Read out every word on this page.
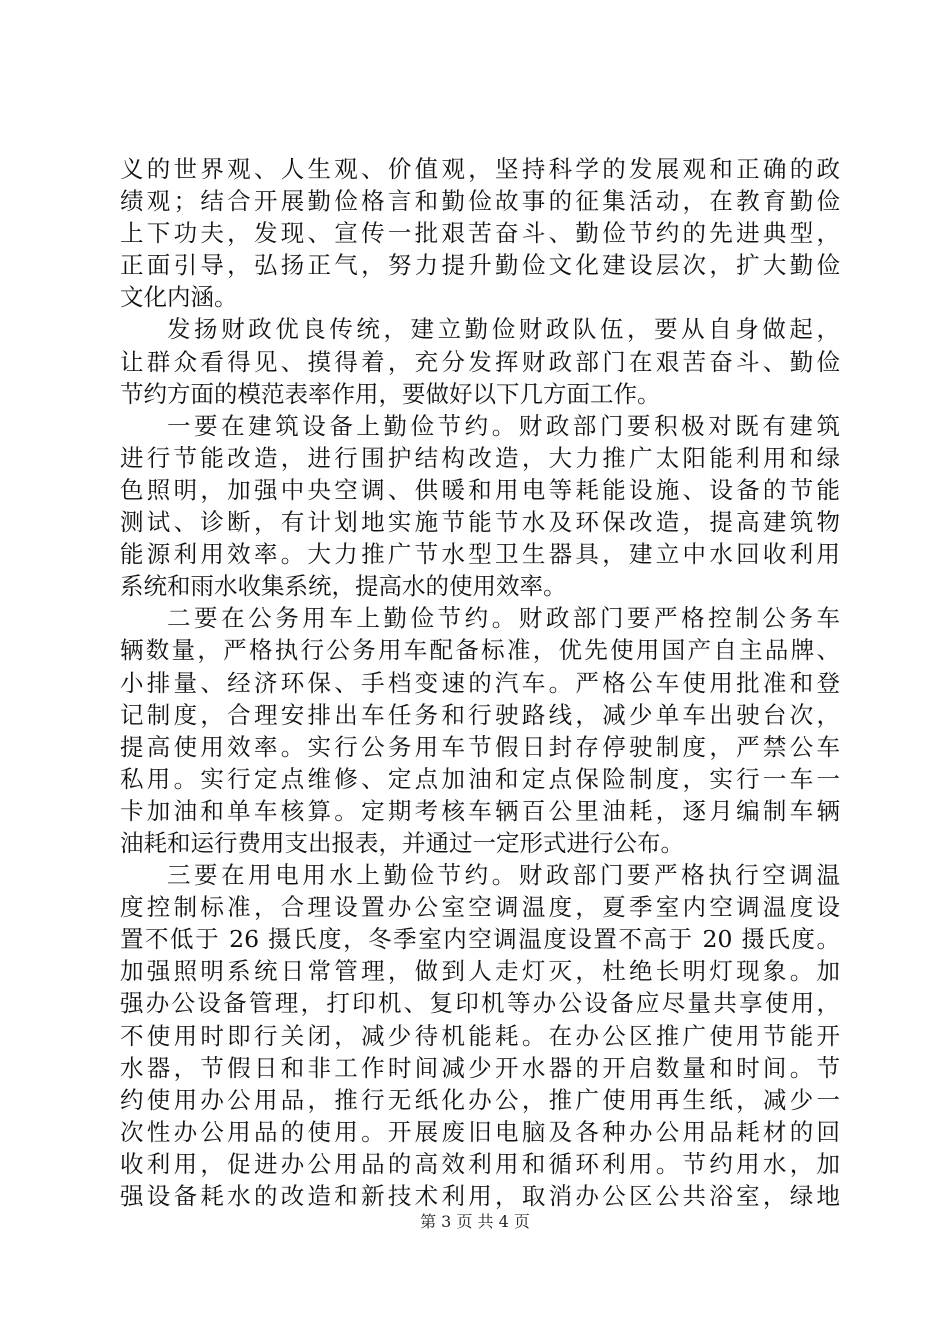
义的世界观、人生观、价值观，坚持科学的发展观和正确的政
绩观；结合开展勤俭格言和勤俭故事的征集活动，在教育勤俭
上下功夫，发现、宣传一批艰苦奋斗、勤俭节约的先进典型，
正面引导，弘扬正气，努力提升勤俭文化建设层次，扩大勤俭
文化内涵。
发扬财政优良传统，建立勤俭财政队伍，要从自身做起，
让群众看得见、摸得着，充分发挥财政部门在艰苦奋斗、勤俭
节约方面的模范表率作用，要做好以下几方面工作。
一要在建筑设备上勤俭节约。财政部门要积极对既有建筑
进行节能改造，进行围护结构改造，大力推广太阳能利用和绿
色照明，加强中央空调、供暖和用电等耗能设施、设备的节能
测试、诊断，有计划地实施节能节水及环保改造，提高建筑物
能源利用效率。大力推广节水型卫生器具，建立中水回收利用
系统和雨水收集系统，提高水的使用效率。
二要在公务用车上勤俭节约。财政部门要严格控制公务车
辆数量，严格执行公务用车配备标准，优先使用国产自主品牌、
小排量、经济环保、手档变速的汽车。严格公车使用批准和登
记制度，合理安排出车任务和行驶路线，减少单车出驶台次，
提高使用效率。实行公务用车节假日封存停驶制度，严禁公车
私用。实行定点维修、定点加油和定点保险制度，实行一车一
卡加油和单车核算。定期考核车辆百公里油耗，逐月编制车辆
油耗和运行费用支出报表，并通过一定形式进行公布。
三要在用电用水上勤俭节约。财政部门要严格执行空调温
度控制标准，合理设置办公室空调温度，夏季室内空调温度设
置不低于 26 摄氏度，冬季室内空调温度设置不高于 20 摄氏度。
加强照明系统日常管理，做到人走灯灭，杜绝长明灯现象。加
强办公设备管理，打印机、复印机等办公设备应尽量共享使用，
不使用时即行关闭，减少待机能耗。在办公区推广使用节能开
水器，节假日和非工作时间减少开水器的开启数量和时间。节
约使用办公用品，推行无纸化办公，推广使用再生纸，减少一
次性办公用品的使用。开展废旧电脑及各种办公用品耗材的回
收利用，促进办公用品的高效利用和循环利用。节约用水，加
强设备耗水的改造和新技术利用，取消办公区公共浴室，绿地
第 3 页 共 4 页
